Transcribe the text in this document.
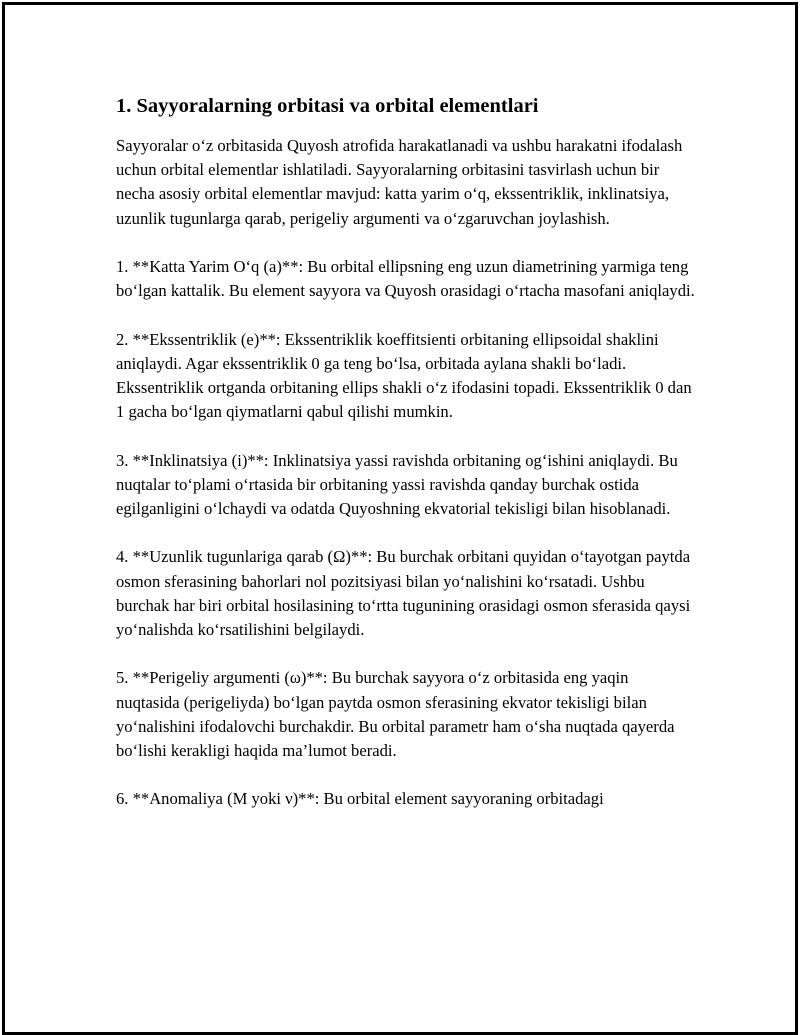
1. Sayyoralarning orbitasi va orbital elementlari

Sayyoralar o‘z orbitasida Quyosh atrofida harakatlanadi va ushbu harakatni ifodalash uchun orbital elementlar ishlatiladi. Sayyoralarning orbitasini tasvirlash uchun bir necha asosiy orbital elementlar mavjud: katta yarim o‘q, ekssentriklik, inklinatsiya, uzunlik tugunlarga qarab, perigeliy argumenti va o‘zgaruvchan joylashish.

1. **Katta Yarim O‘q (a)**: Bu orbital ellipsning eng uzun diametrining yarmiga teng bo‘lgan kattalik. Bu element sayyora va Quyosh orasidagi o‘rtacha masofani aniqlaydi.

2. **Ekssentriklik (e)**: Ekssentriklik koeffitsienti orbitaning ellipsoidal shaklini aniqlaydi. Agar ekssentriklik 0 ga teng bo‘lsa, orbitada aylana shakli bo‘ladi. Ekssentriklik ortganda orbitaning ellips shakli o‘z ifodasini topadi. Ekssentriklik 0 dan 1 gacha bo‘lgan qiymatlarni qabul qilishi mumkin.

3. **Inklinatsiya (i)**: Inklinatsiya yassi ravishda orbitaning og‘ishini aniqlaydi. Bu nuqtalar to‘plami o‘rtasida bir orbitaning yassi ravishda qanday burchak ostida egilganligini o‘lchaydi va odatda Quyoshning ekvatorial tekisligi bilan hisoblanadi.

4. **Uzunlik tugunlariga qarab (Ω)**: Bu burchak orbitani quyidan o‘tayotgan paytda osmon sferasining bahorlari nol pozitsiyasi bilan yo‘nalishini ko‘rsatadi. Ushbu burchak har biri orbital hosilasining to‘rtta tugunining orasidagi osmon sferasida qaysi yo‘nalishda ko‘rsatilishini belgilaydi.

5. **Perigeliy argumenti (ω)**: Bu burchak sayyora o‘z orbitasida eng yaqin nuqtasida (perigeliyda) bo‘lgan paytda osmon sferasining ekvator tekisligi bilan yo‘nalishini ifodalovchi burchakdir. Bu orbital parametr ham o‘sha nuqtada qayerda bo‘lishi kerakligi haqida ma’lumot beradi.

6. **Anomaliya (M yoki ν)**: Bu orbital element sayyoraning orbitadagi
